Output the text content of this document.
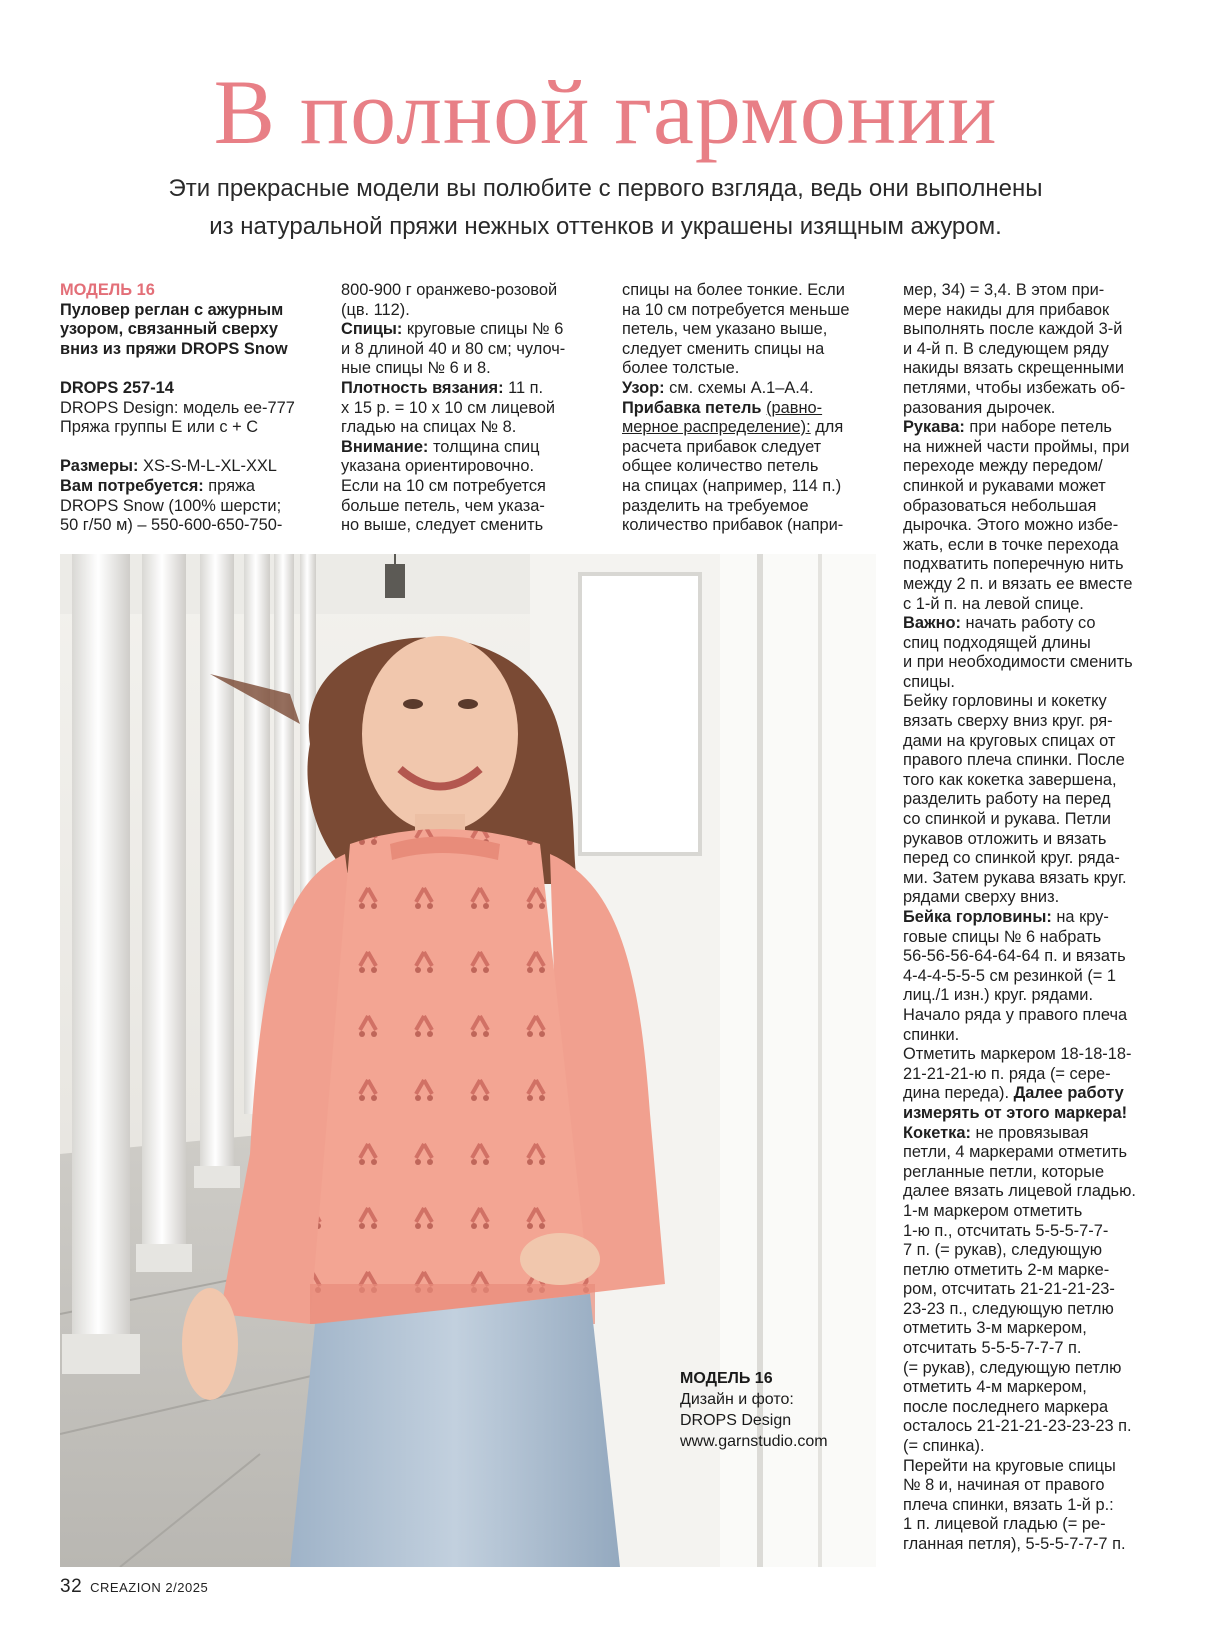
В полной гармонии
Эти прекрасные модели вы полюбите с первого взгляда, ведь они выполнены
из натуральной пряжи нежных оттенков и украшены изящным ажуром.

МОДЕЛЬ 16

Пуловер реглан с ажурным

узором, связанный сверху

вниз из пряжи DROPS Snow

DROPS 257-14

DROPS Design: модель ee-777

Пряжа группы E или с + C

Размеры: XS-S-M-L-XL-XXL

Вам потребуется: пряжа

DROPS Snow (100% шерсти;

50 г/50 м) – 550-600-650-750-

800-900 г оранжево-розовой

(цв. 112).

Спицы: круговые спицы № 6

и 8 длиной 40 и 80 см; чулоч-

ные спицы № 6 и 8.

Плотность вязания: 11 п.

х 15 р. = 10 х 10 см лицевой

гладью на спицах № 8.

Внимание: толщина спиц

указана ориентировочно.

Если на 10 см потребуется

больше петель, чем указа-

но выше, следует сменить

спицы на более тонкие. Если

на 10 см потребуется меньше

петель, чем указано выше,

следует сменить спицы на

более толстые.

Узор: см. схемы А.1–А.4.

Прибавка петель (равно-

мерное распределение): для

расчета прибавок следует

общее количество петель

на спицах (например, 114 п.)

разделить на требуемое

количество прибавок (напри-

мер, 34) = 3,4. В этом при-

мере накиды для прибавок

выполнять после каждой 3-й

и 4-й п. В следующем ряду

накиды вязать скрещенными

петлями, чтобы избежать об-

разования дырочек.

Рукава: при наборе петель

на нижней части проймы, при

переходе между передом/

спинкой и рукавами может

образоваться небольшая

дырочка. Этого можно избе-

жать, если в точке перехода

подхватить поперечную нить

между 2 п. и вязать ее вместе

с 1-й п. на левой спице.

Важно: начать работу со

спиц подходящей длины

и при необходимости сменить

спицы.

Бейку горловины и кокетку

вязать сверху вниз круг. ря-

дами на круговых спицах от

правого плеча спинки. После

того как кокетка завершена,

разделить работу на перед

со спинкой и рукава. Петли

рукавов отложить и вязать

перед со спинкой круг. ряда-

ми. Затем рукава вязать круг.

рядами сверху вниз.

Бейка горловины: на кру-

говые спицы № 6 набрать

56-56-56-64-64-64 п. и вязать

4-4-4-5-5-5 см резинкой (= 1

лиц./1 изн.) круг. рядами.

Начало ряда у правого плеча

спинки.

Отметить маркером 18-18-18-

21-21-21-ю п. ряда (= сере-

дина переда). Далее работу

измерять от этого маркера!

Кокетка: не провязывая

петли, 4 маркерами отметить

регланные петли, которые

далее вязать лицевой гладью.

1-м маркером отметить

1-ю п., отсчитать 5-5-5-7-7-

7 п. (= рукав), следующую

петлю отметить 2-м марке-

ром, отсчитать 21-21-21-23-

23-23 п., следующую петлю

отметить 3-м маркером,

отсчитать 5-5-5-7-7-7 п.

(= рукав), следующую петлю

отметить 4-м маркером,

после последнего маркера

осталось 21-21-21-23-23-23 п.

(= спинка).

Перейти на круговые спицы

№ 8 и, начиная от правого

плеча спинки, вязать 1-й р.:

1 п. лицевой гладью (= ре-

гланная петля), 5-5-5-7-7-7 п.

МОДЕЛЬ 16
Дизайн и фото:
DROPS Design
www.garnstudio.com
32 CREAZION 2/2025
